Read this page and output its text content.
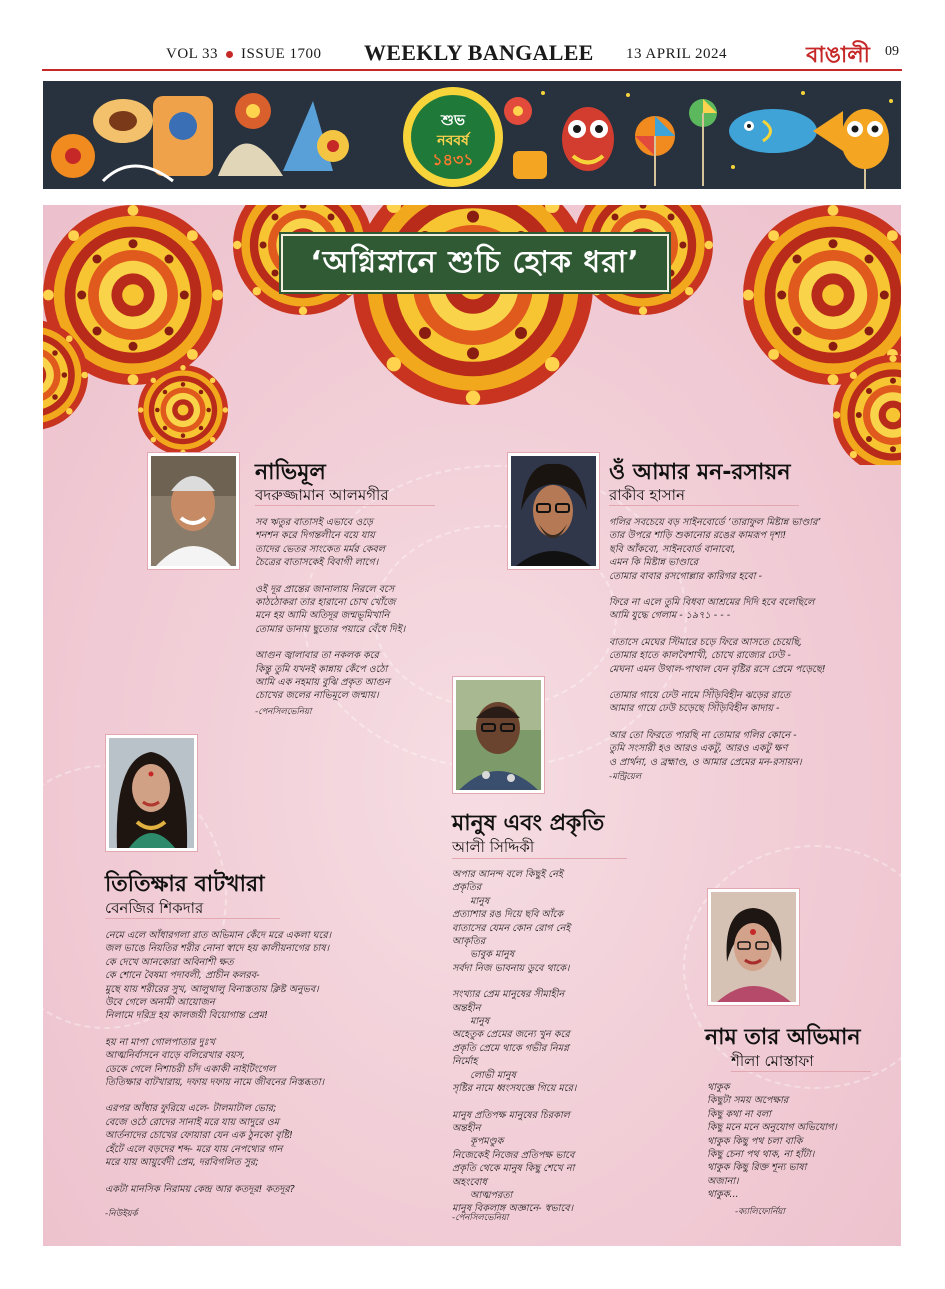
VOL 33 ISSUE 1700 WEEKLY BANGALEE 13 APRIL 2024	বাঙালী	09
শুভ
নববর্ষ
১৪৩১
‘অগ্নিস্নানে শুচি হোক ধরা’
নাভিমূল
বদরুজ্জামান আলমগীর

সব ঋতুর বাতাসই এভাবে ওড়ে

শনশন করে দিগন্তলীনে বয়ে যায়

তাদের ভেতর সাংকেত মর্মর কেবল

চৈত্রের বাতাসকেই বিবাগী লাগে।

ওই দূর প্রান্তের জানালায় নিরলে বসে

কাঠঠোকরা তার হারানো চোখ খোঁজে

মনে হয় আমি অতিদূর জন্মভূমিখানি

তোমার ডানায় ছুতোর পয়ারে বেঁধে দিই।

আগুন জ্বালাবার তা নকলক করে

কিন্তু তুমি যখনই কান্নায় কেঁপে ওঠো

আমি এক নহমায় বুঝি প্রকৃত আগুন

চোখের জলের নাভিমূলে জন্মায়।

-পেনসিলভেনিয়া
ওঁ আমার মন-রসায়ন
রাকীব হাসান

গলির সবচেয়ে বড় সাইনবোর্ডে ‘তারাফুল মিষ্টান্ন ভাণ্ডার’

তার উপরে শাড়ি শুকানোর রঙের কামরূপ দৃশ্য!

ছবি আঁকবো, সাইনবোর্ড বানাবো,

এমন কি মিষ্টান্ন ভাণ্ডারে

তোমার বাবার রসগোল্লার কারিগর হবো -

ফিরে না এলে তুমি বিধবা আশ্রমের দিদি হবে বলেছিলে

আমি যুদ্ধে গেলাম - ১৯৭১ - - -

বাতাসে মেঘের স্টিমারে চড়ে ফিরে আসতে চেয়েছি,

তোমার হাতে কালবৈশাখী, চোখে রাজ্যের ঢেউ -

মেঘনা এমন উথাল-পাথাল যেন বৃষ্টির রসে প্রেমে পড়েছে!

তোমার গায়ে ঢেউ নামে সিঁড়িবিহীন ঝড়ের রাতে

আমার গায়ে ঢেউ চড়েছে সিঁড়িবিহীন কাদায় -

আর তো ফিরতে পারছি না তোমার গলির কোনে -

তুমি সংসারী হও আরও একটু, আরও একটু ক্ষণ

ও প্রার্থনা, ও ব্রহ্মাণ্ড, ও আমার প্রেমের মন-রসায়ন।

-মন্ট্রিয়েল
মানুষ এবং প্রকৃতি
আলী সিদ্দিকী

অপার আনন্দ বলে কিছুই নেই

প্রকৃতির

মানুষ

প্রত্যাশার রঙ দিয়ে ছবি আঁকে

বাতাসের যেমন কোন রোগ নেই

আকৃতির

ভাবুক মানুষ

সর্বদা নিজ ভাবনায় ডুবে থাকে।

সংখ্যার প্রেম মানুষের সীমাহীন

অন্তহীন

মানুষ

অহেতুক প্রেমের জন্যে খুন করে

প্রকৃতি প্রেমে থাকে গভীর নিমগ্ন

নির্মোহ

লোভী মানুষ

সৃষ্টির নামে ধ্বংসযজ্ঞে গিয়ে মরে।

মানুষ প্রতিপক্ষ মানুষের চিরকাল

অন্তহীন

কূপমণ্ডুক

নিজেকেই নিজের প্রতিপক্ষ ভাবে

প্রকৃতি থেকে মানুষ কিছু শেখে না

অহংবোধ

আত্মপরতা

মানুষ বিকলাঙ্গ অজ্ঞানে- স্বভাবে।

-পেনসিলভেনিয়া
তিতিক্ষার বাটখারা
বেনজির শিকদার

নেমে এলে আঁধারগলা রাত অভিমান কেঁদে মরে একলা ঘরে।

জল ভাঙে নিয়তির শরীর নোনা স্বাদে হয় কালীয়নাগের চাষ।

কে দেখে আনকোরা অবিনাশী ক্ষত

কে শোনে বৈষম্য পদাবলী, প্রাচীন কলরব-

মুছে যায় শরীরের সুখ, আলুথালু বিন্যস্ততায় ক্লিষ্ট অনুভব।

উবে গেলে অনামী আয়োজন

নিলামে দরিদ্র হয় কালজয়ী বিয়োগান্ত প্রেম!

হয় না মাপা গোলপাতার দুঃখ

আত্মনির্বাসনে বাড়ে বলিরেখার বয়স,

ডেকে গেলে নিশাচরী চাঁদ একাকী নাইটিংগেল

তিতিক্ষার বাটখারায়, দফায় দফায় নামে জীবনের নিস্তব্ধতা।

এরপর আঁধার ফুরিয়ে এলে- টালমাটাল ভোর;

বেজে ওঠে রোদের সানাই মরে যায় আদুরে ওম

আর্তনাদের চোখের ফোয়ারা যেন এক ঠুনকো বৃষ্টি!

হেঁটে এলে বড়দের শব্দ- মরে যায় নেপথ্যের গান

মরে যায় আয়ুর্বেদী প্রেম, দরবিগলিত সুর;

একটা মানসিক নিরাময় কেন্দ্র আর কতদূর! কতদূর?

-নিউইয়র্ক
নাম তার অভিমান
শীলা মোস্তাফা

থাকুক

কিছুটা সময় অপেক্ষার

কিছু কথা না বলা

কিছু মনে মনে অনুযোগ অভিযোগ।

থাকুক কিছু পথ চলা বাকি

কিছু চেনা পথ থাক, না হাঁটা।

থাকুক কিছু রিক্ত শূন্য ভাষা

অজানা।

থাকুক...

-ক্যালিফোর্নিয়া
